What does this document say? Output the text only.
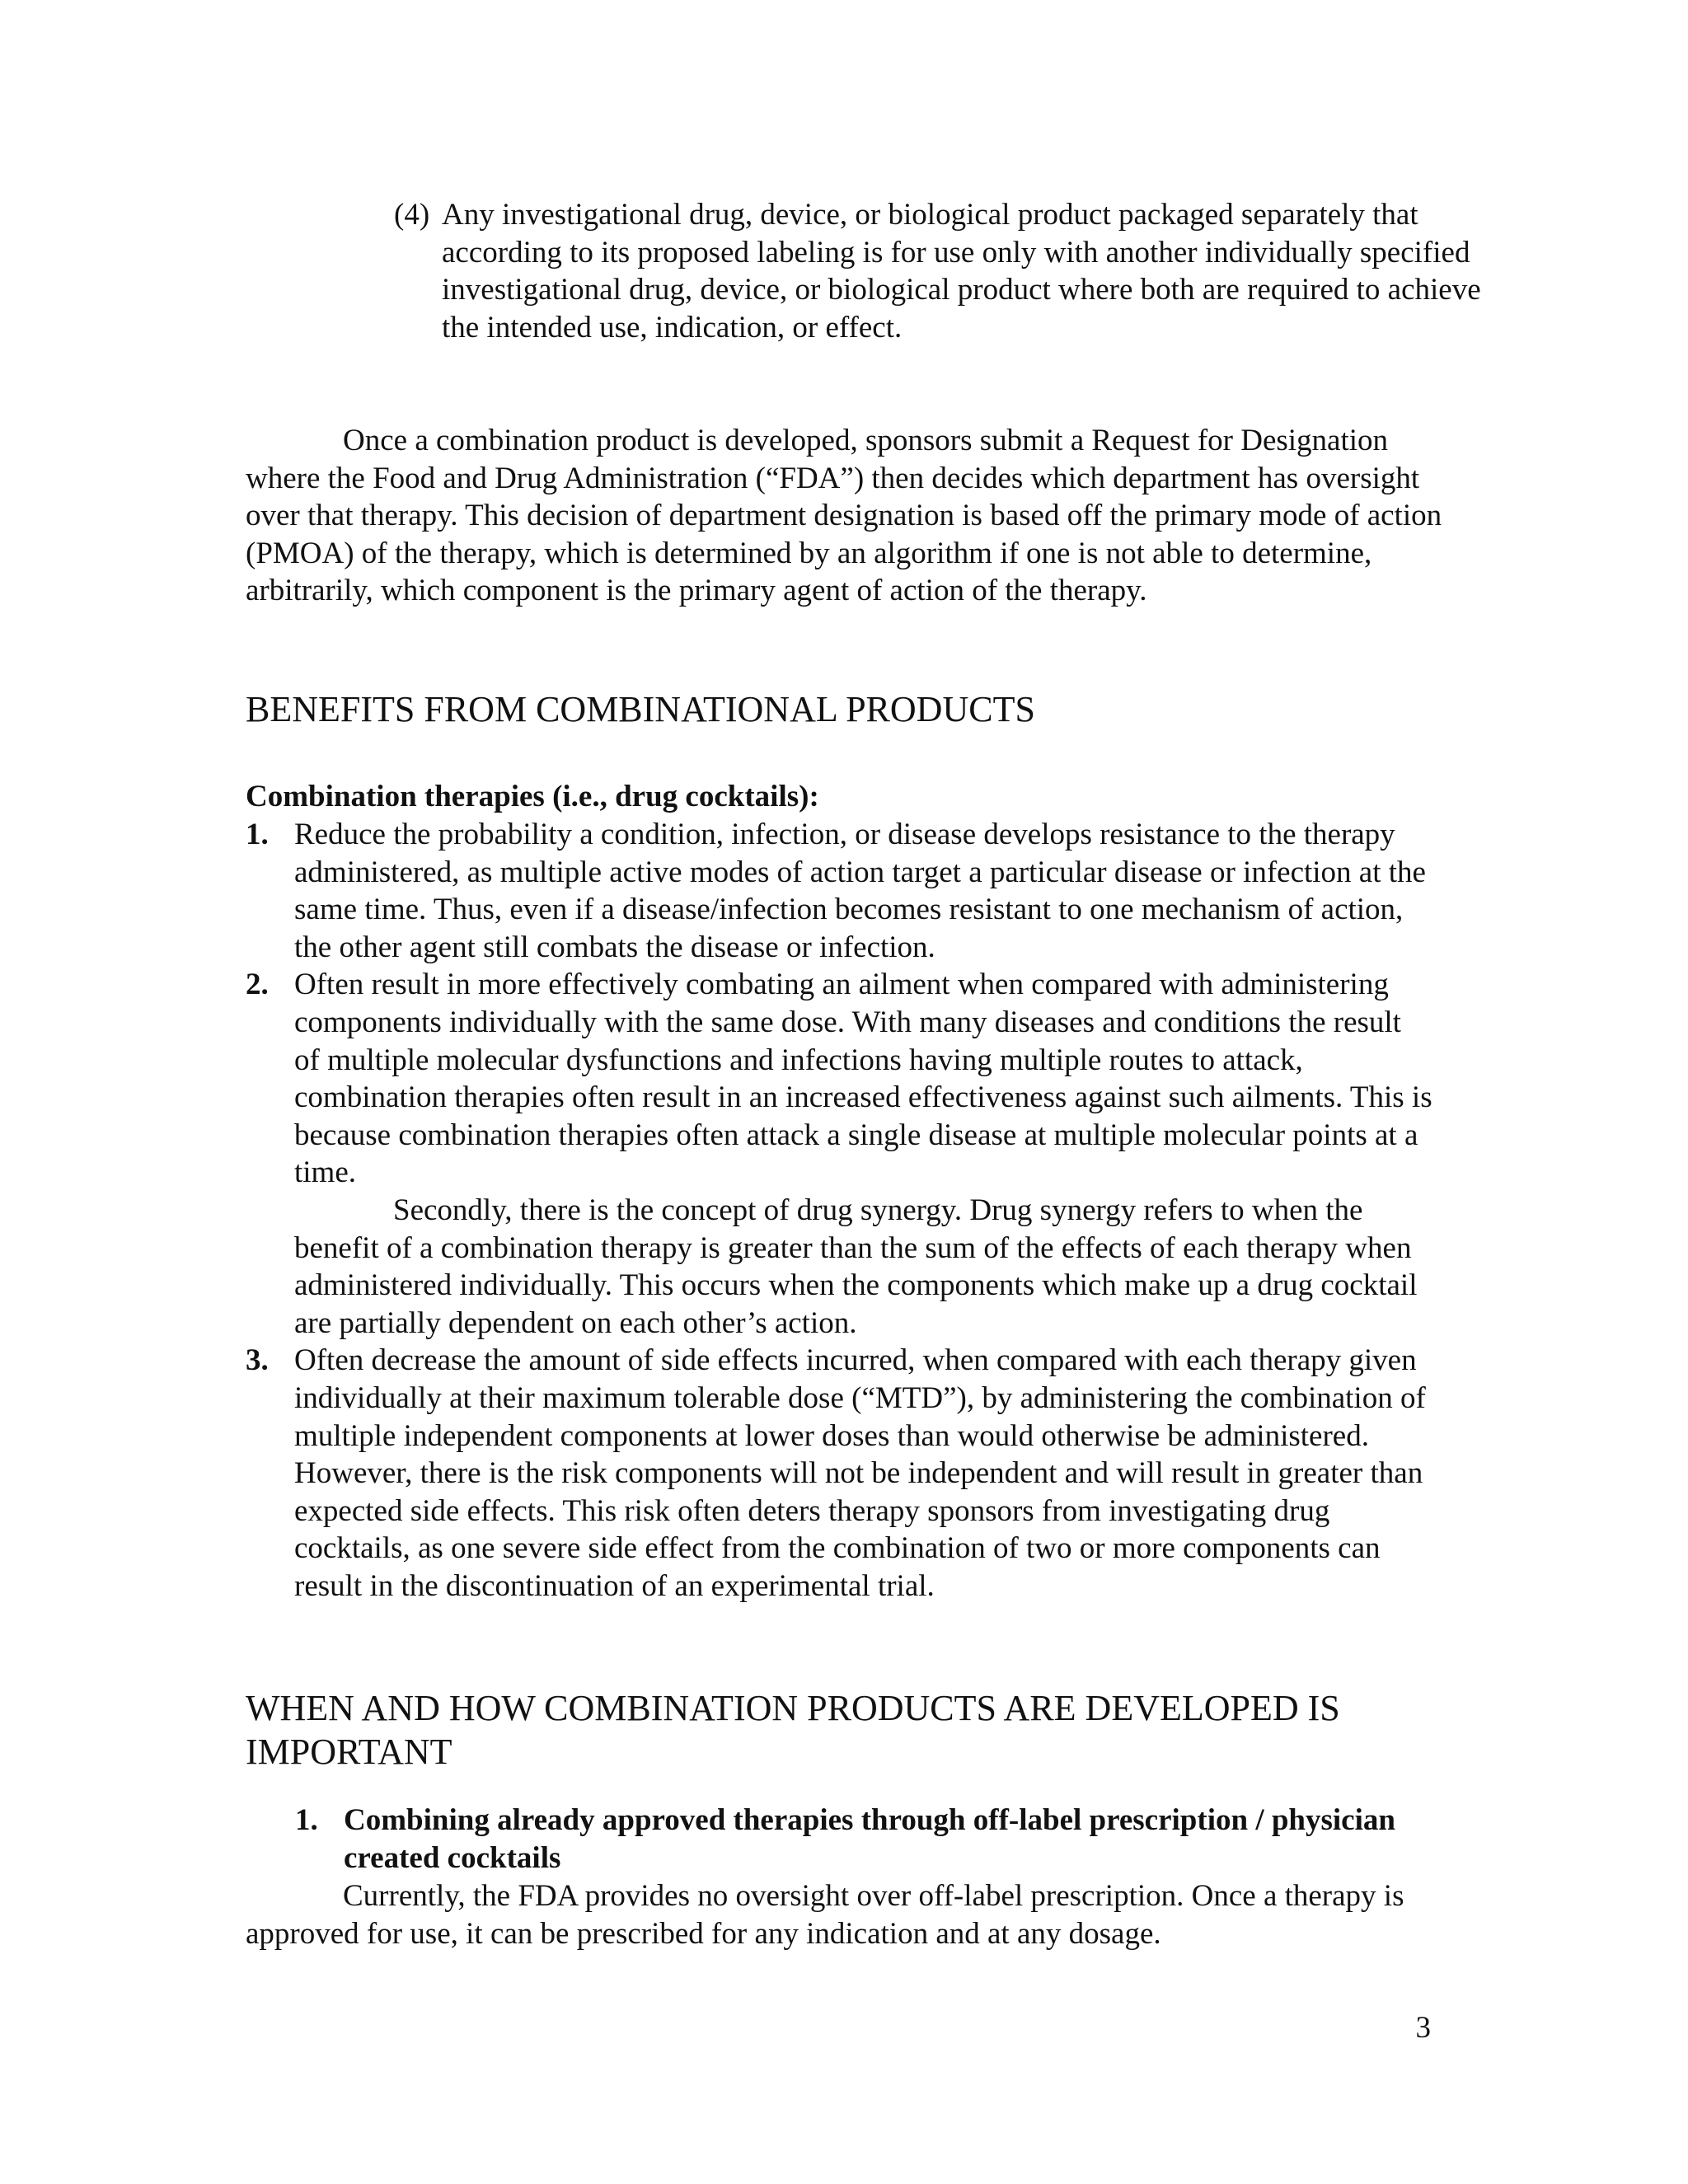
(4) Any investigational drug, device, or biological product packaged separately that according to its proposed labeling is for use only with another individually specified investigational drug, device, or biological product where both are required to achieve the intended use, indication, or effect.

Once a combination product is developed, sponsors submit a Request for Designation where the Food and Drug Administration (“FDA”) then decides which department has oversight over that therapy. This decision of department designation is based off the primary mode of action (PMOA) of the therapy, which is determined by an algorithm if one is not able to determine, arbitrarily, which component is the primary agent of action of the therapy.

BENEFITS FROM COMBINATIONAL PRODUCTS
Combination therapies (i.e., drug cocktails):
1. Reduce the probability a condition, infection, or disease develops resistance to the therapy administered, as multiple active modes of action target a particular disease or infection at the same time. Thus, even if a disease/infection becomes resistant to one mechanism of action, the other agent still combats the disease or infection.
2. Often result in more effectively combating an ailment when compared with administering components individually with the same dose. With many diseases and conditions the result of multiple molecular dysfunctions and infections having multiple routes to attack, combination therapies often result in an increased effectiveness against such ailments. This is because combination therapies often attack a single disease at multiple molecular points at a time.
Secondly, there is the concept of drug synergy. Drug synergy refers to when the benefit of a combination therapy is greater than the sum of the effects of each therapy when administered individually. This occurs when the components which make up a drug cocktail are partially dependent on each other’s action.
3. Often decrease the amount of side effects incurred, when compared with each therapy given individually at their maximum tolerable dose (“MTD”), by administering the combination of multiple independent components at lower doses than would otherwise be administered. However, there is the risk components will not be independent and will result in greater than expected side effects. This risk often deters therapy sponsors from investigating drug cocktails, as one severe side effect from the combination of two or more components can result in the discontinuation of an experimental trial.
WHEN AND HOW COMBINATION PRODUCTS ARE DEVELOPED IS IMPORTANT
1. Combining already approved therapies through off-label prescription / physician created cocktails

Currently, the FDA provides no oversight over off-label prescription. Once a therapy is approved for use, it can be prescribed for any indication and at any dosage.

3
